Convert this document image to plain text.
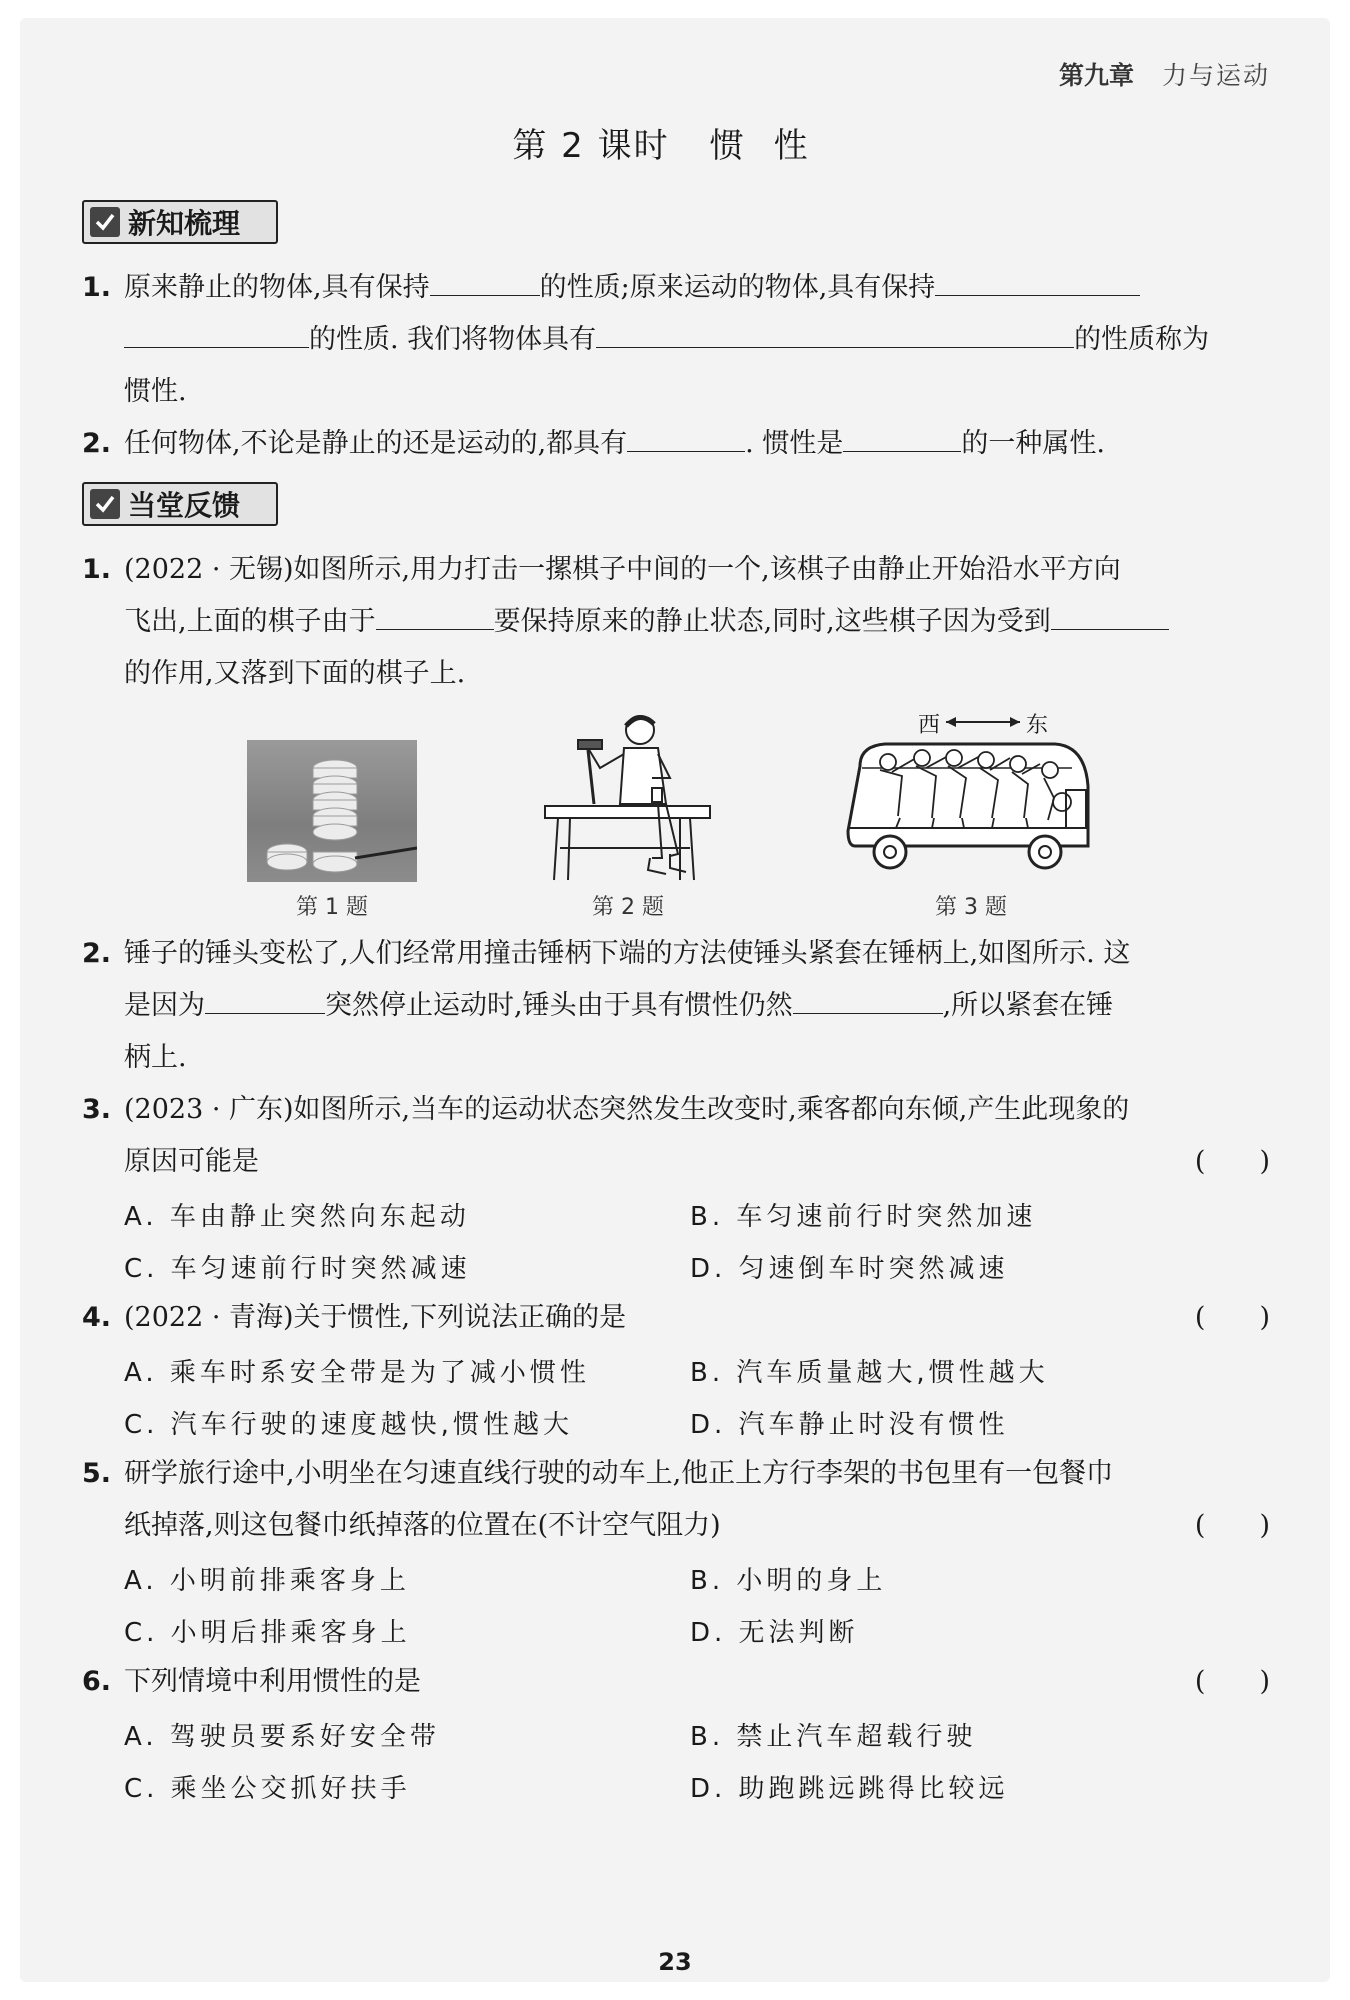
第九章 力与运动
第 2 课时 惯性
新知梳理
1. 原来静止的物体,具有保持	的性质;原来运动的物体,具有保持
的性质. 我们将物体具有	的性质称为
惯性.
2. 任何物体,不论是静止的还是运动的,都具有	. 惯性是	的一种属性.
当堂反馈
1. (2022 · 无锡)如图所示,用力打击一摞棋子中间的一个,该棋子由静止开始沿水平方向
飞出,上面的棋子由于	要保持原来的静止状态,同时,这些棋子因为受到
的作用,又落到下面的棋子上.
第 1 题	第 2 题
西	东
第 3 题
2. 锤子的锤头变松了,人们经常用撞击锤柄下端的方法使锤头紧套在锤柄上,如图所示. 这
是因为	突然停止运动时,锤头由于具有惯性仍然	,所以紧套在锤
柄上.
3. (2023 · 广东)如图所示,当车的运动状态突然发生改变时,乘客都向东倾,产生此现象的
原因可能是	(　　)
A. 车由静止突然向东起动	B. 车匀速前行时突然加速
C. 车匀速前行时突然减速	D. 匀速倒车时突然减速
4. (2022 · 青海)关于惯性,下列说法正确的是	(　　)
A. 乘车时系安全带是为了减小惯性	B. 汽车质量越大,惯性越大
C. 汽车行驶的速度越快,惯性越大	D. 汽车静止时没有惯性
5. 研学旅行途中,小明坐在匀速直线行驶的动车上,他正上方行李架的书包里有一包餐巾
纸掉落,则这包餐巾纸掉落的位置在(不计空气阻力)	(　　)
A. 小明前排乘客身上	B. 小明的身上
C. 小明后排乘客身上	D. 无法判断
6. 下列情境中利用惯性的是	(　　)
A. 驾驶员要系好安全带	B. 禁止汽车超载行驶
C. 乘坐公交抓好扶手	D. 助跑跳远跳得比较远
23
